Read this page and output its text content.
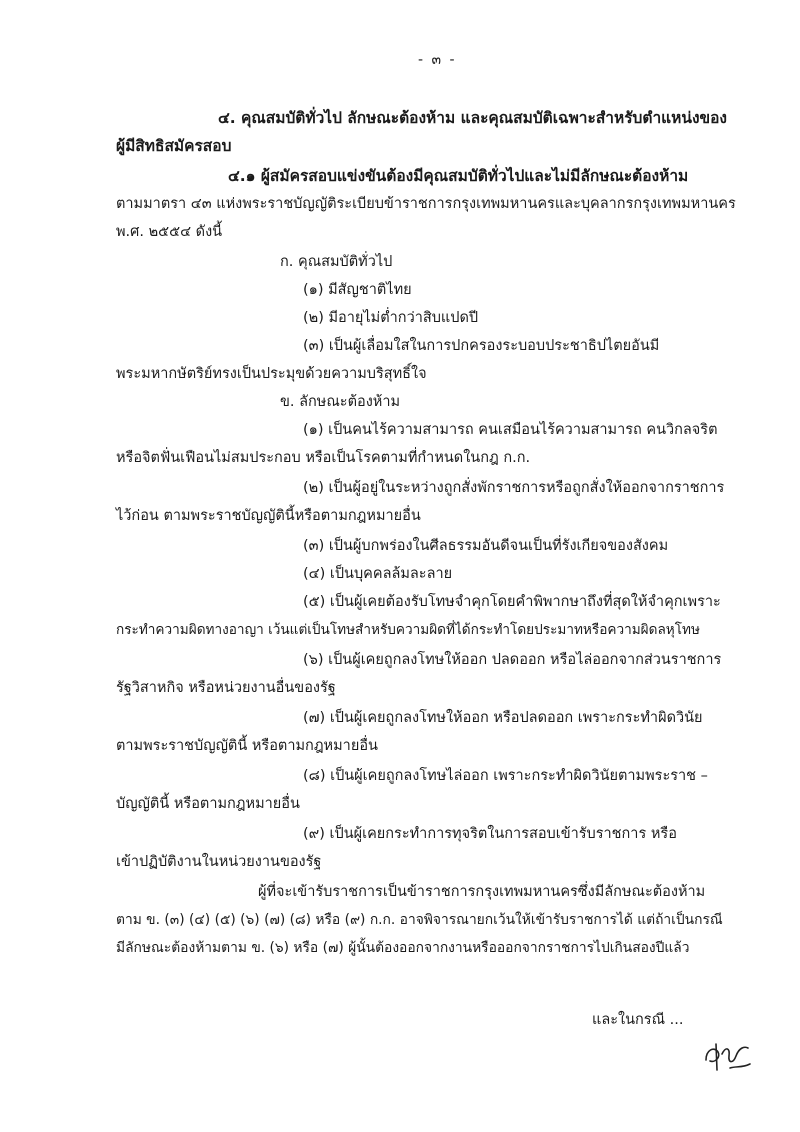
- ๓ -
๔. คุณสมบัติทั่วไป ลักษณะต้องห้าม และคุณสมบัติเฉพาะสำหรับตำแหน่งของ
ผู้มีสิทธิสมัครสอบ
๔.๑ ผู้สมัครสอบแข่งขันต้องมีคุณสมบัติทั่วไปและไม่มีลักษณะต้องห้าม
ตามมาตรา ๔๓ แห่งพระราชบัญญัติระเบียบข้าราชการกรุงเทพมหานครและบุคลากรกรุงเทพมหานคร
พ.ศ. ๒๕๕๔ ดังนี้
ก. คุณสมบัติทั่วไป
(๑) มีสัญชาติไทย
(๒) มีอายุไม่ต่ำกว่าสิบแปดปี
(๓) เป็นผู้เลื่อมใสในการปกครองระบอบประชาธิปไตยอันมี
พระมหากษัตริย์ทรงเป็นประมุขด้วยความบริสุทธิ์ใจ
ข. ลักษณะต้องห้าม
(๑) เป็นคนไร้ความสามารถ คนเสมือนไร้ความสามารถ คนวิกลจริต
หรือจิตฟั่นเฟือนไม่สมประกอบ หรือเป็นโรคตามที่กำหนดในกฎ ก.ก.
(๒) เป็นผู้อยู่ในระหว่างถูกสั่งพักราชการหรือถูกสั่งให้ออกจากราชการ
ไว้ก่อน ตามพระราชบัญญัตินี้หรือตามกฎหมายอื่น
(๓) เป็นผู้บกพร่องในศีลธรรมอันดีจนเป็นที่รังเกียจของสังคม
(๔) เป็นบุคคลล้มละลาย
(๕) เป็นผู้เคยต้องรับโทษจำคุกโดยคำพิพากษาถึงที่สุดให้จำคุกเพราะ
กระทำความผิดทางอาญา เว้นแต่เป็นโทษสำหรับความผิดที่ได้กระทำโดยประมาทหรือความผิดลหุโทษ
(๖) เป็นผู้เคยถูกลงโทษให้ออก ปลดออก หรือไล่ออกจากส่วนราชการ
รัฐวิสาหกิจ หรือหน่วยงานอื่นของรัฐ
(๗) เป็นผู้เคยถูกลงโทษให้ออก หรือปลดออก เพราะกระทำผิดวินัย
ตามพระราชบัญญัตินี้ หรือตามกฎหมายอื่น
(๘) เป็นผู้เคยถูกลงโทษไล่ออก เพราะกระทำผิดวินัยตามพระราช –
บัญญัตินี้ หรือตามกฎหมายอื่น
(๙) เป็นผู้เคยกระทำการทุจริตในการสอบเข้ารับราชการ หรือ
เข้าปฏิบัติงานในหน่วยงานของรัฐ
ผู้ที่จะเข้ารับราชการเป็นข้าราชการกรุงเทพมหานครซึ่งมีลักษณะต้องห้าม
ตาม ข. (๓) (๔) (๕) (๖) (๗) (๘) หรือ (๙) ก.ก. อาจพิจารณายกเว้นให้เข้ารับราชการได้ แต่ถ้าเป็นกรณี
มีลักษณะต้องห้ามตาม ข. (๖) หรือ (๗) ผู้นั้นต้องออกจากงานหรือออกจากราชการไปเกินสองปีแล้ว
และในกรณี ...
